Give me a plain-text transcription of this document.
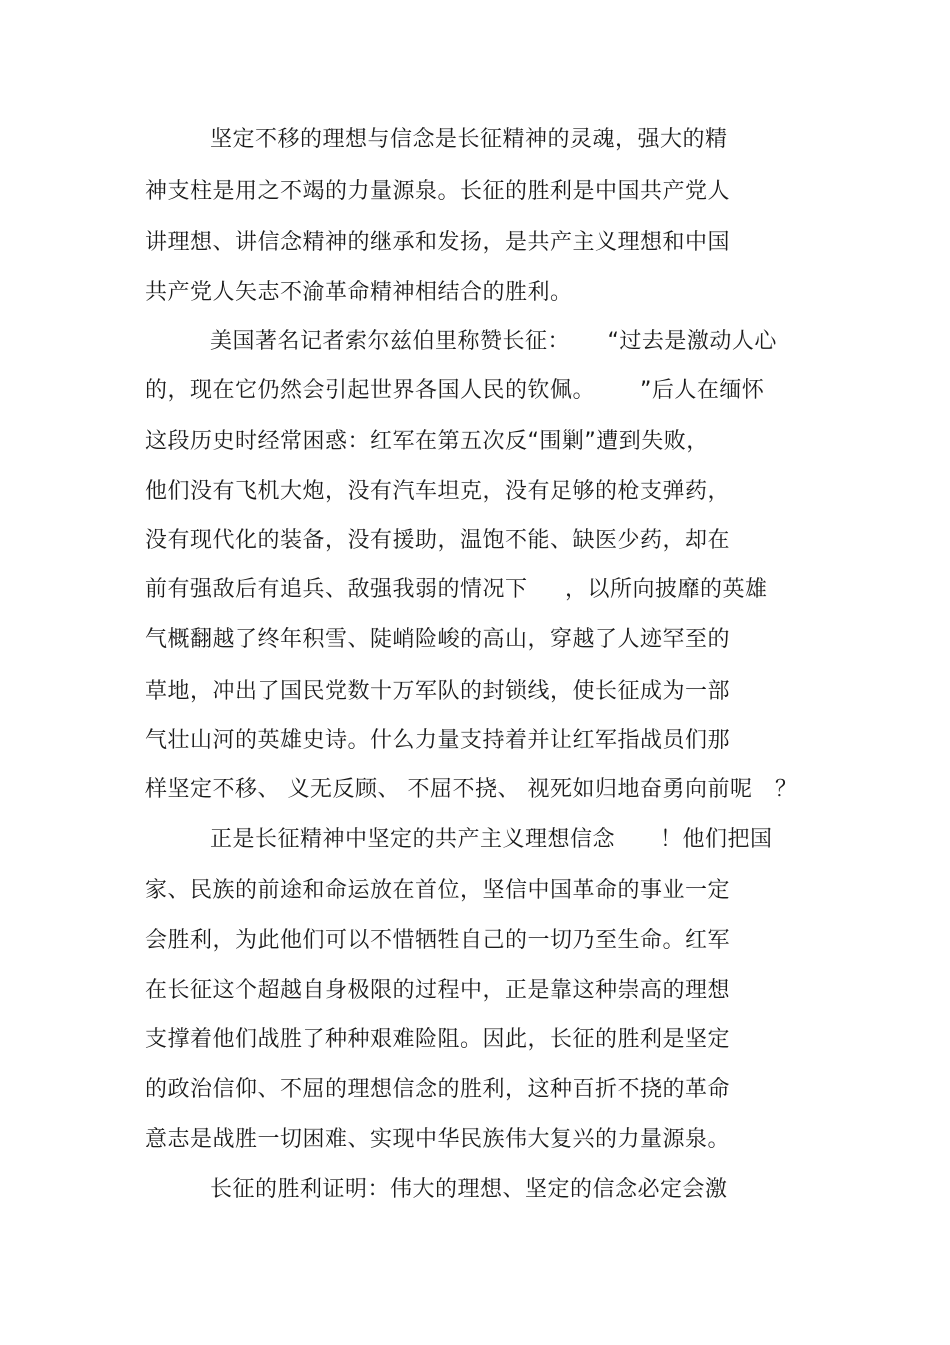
坚定不移的理想与信念是长征精神的灵魂，强大的精
神支柱是用之不竭的力量源泉。长征的胜利是中国共产党人
讲理想、讲信念精神的继承和发扬，是共产主义理想和中国
共产党人矢志不渝革命精神相结合的胜利。
美国著名记者索尔兹伯里称赞长征：     “过去是激动人心
的，现在它仍然会引起世界各国人民的钦佩。      ”后人在缅怀
这段历史时经常困惑：红军在第五次反“围剿”遭到失败，
他们没有飞机大炮，没有汽车坦克，没有足够的枪支弹药，
没有现代化的装备，没有援助，温饱不能、缺医少药，却在
前有强敌后有追兵、敌强我弱的情况下     ，以所向披靡的英雄
气概翻越了终年积雪、陡峭险峻的高山，穿越了人迹罕至的
草地，冲出了国民党数十万军队的封锁线，使长征成为一部
气壮山河的英雄史诗。什么力量支持着并让红军指战员们那
样坚定不移、 义无反顾、 不屈不挠、 视死如归地奋勇向前呢   ？
正是长征精神中坚定的共产主义理想信念      ！他们把国
家、民族的前途和命运放在首位，坚信中国革命的事业一定
会胜利，为此他们可以不惜牺牲自己的一切乃至生命。红军
在长征这个超越自身极限的过程中，正是靠这种崇高的理想
支撑着他们战胜了种种艰难险阻。因此，长征的胜利是坚定
的政治信仰、不屈的理想信念的胜利，这种百折不挠的革命
意志是战胜一切困难、实现中华民族伟大复兴的力量源泉。
长征的胜利证明：伟大的理想、坚定的信念必定会激
